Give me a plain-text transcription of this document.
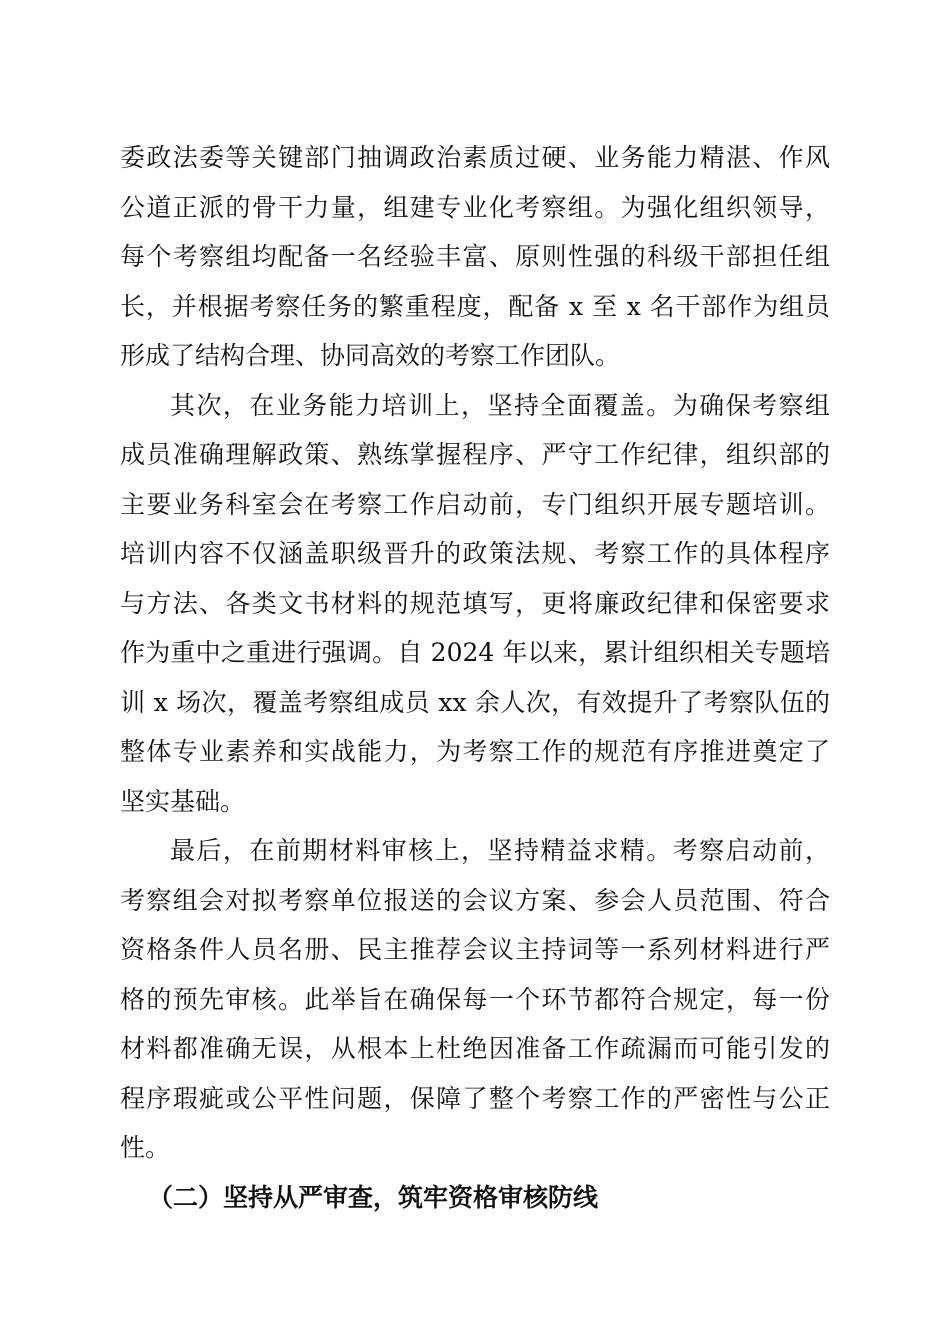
委政法委等关键部门抽调政治素质过硬、业务能力精湛、作风
公道正派的骨干力量，组建专业化考察组。为强化组织领导，
每个考察组均配备一名经验丰富、原则性强的科级干部担任组
长，并根据考察任务的繁重程度，配备 x 至 x 名干部作为组员
形成了结构合理、协同高效的考察工作团队。
其次，在业务能力培训上，坚持全面覆盖。为确保考察组
成员准确理解政策、熟练掌握程序、严守工作纪律，组织部的
主要业务科室会在考察工作启动前，专门组织开展专题培训。
培训内容不仅涵盖职级晋升的政策法规、考察工作的具体程序
与方法、各类文书材料的规范填写，更将廉政纪律和保密要求
作为重中之重进行强调。自 2024 年以来，累计组织相关专题培
训 x 场次，覆盖考察组成员 xx 余人次，有效提升了考察队伍的
整体专业素养和实战能力，为考察工作的规范有序推进奠定了
坚实基础。
最后，在前期材料审核上，坚持精益求精。考察启动前，
考察组会对拟考察单位报送的会议方案、参会人员范围、符合
资格条件人员名册、民主推荐会议主持词等一系列材料进行严
格的预先审核。此举旨在确保每一个环节都符合规定，每一份
材料都准确无误，从根本上杜绝因准备工作疏漏而可能引发的
程序瑕疵或公平性问题，保障了整个考察工作的严密性与公正
性。
（二）坚持从严审查，筑牢资格审核防线
